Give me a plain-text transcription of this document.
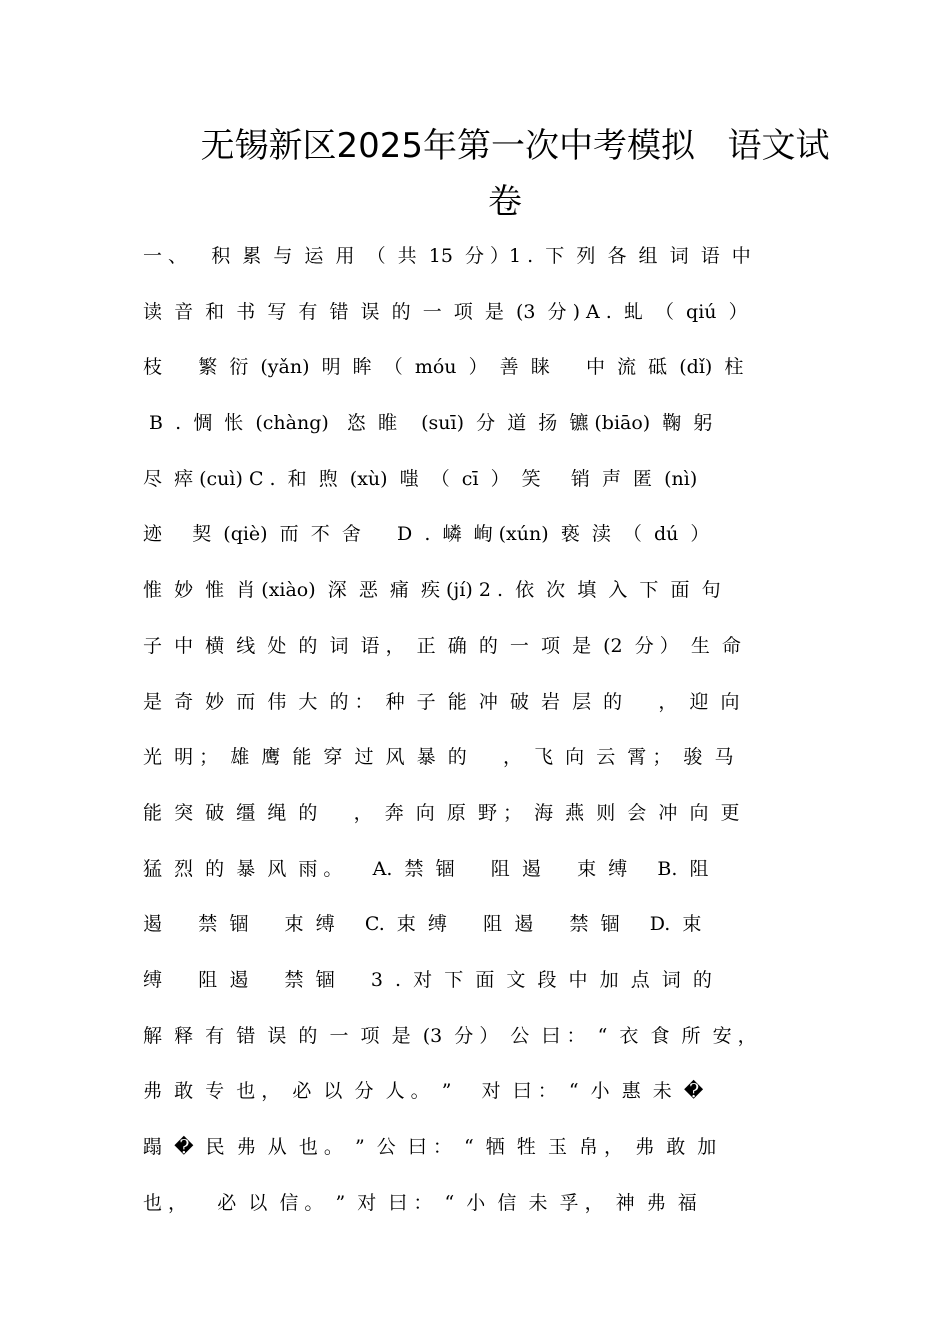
无锡新区2025年第一次中考模拟   语文试
卷
一 、    积  累  与  运  用  （  共  15  分 ）1 .  下  列  各  组  词  语  中
读  音  和  书  写  有  错  误  的  一  项  是  (3  分 ) A .  虬  （  qiú  ）
枝      繁  衍  (yǎn)  明  眸  （  móu  ）  善  睐      中  流  砥  (dǐ)  柱
B  .  惆  怅  (chàng)   恣  睢    (suī)  分  道  扬  镳 (biāo)  鞠  躬
尽  瘁 (cuì) C .  和  煦  (xù)  嗤  （  cī  ）  笑     销  声  匿  (nì)
迹     契  (qiè)  而  不  舍      D  .  嶙  峋 (xún)  亵  渎  （  dú  ）
惟  妙  惟  肖 (xiào)  深  恶  痛  疾 (jí) 2 .  依  次  填  入  下  面  句
子  中  横  线  处  的  词  语 ，  正  确  的  一  项  是  (2  分 ）  生  命
是  奇  妙  而  伟  大  的 ：  种  子  能  冲  破  岩  层  的      ，  迎  向
光  明 ；  雄  鹰  能  穿  过  风  暴  的      ，  飞  向  云  霄 ；  骏  马
能  突  破  缰  绳  的      ，  奔  向  原  野 ；  海  燕  则  会  冲  向  更
猛  烈  的  暴  风  雨 。     A.  禁  锢      阻  遏      束  缚     B.  阻
遏      禁  锢      束  缚     C.  束  缚      阻  遏      禁  锢     D.  束
缚      阻  遏      禁  锢      3  .  对  下  面  文  段  中  加  点  词  的
解  释  有  错  误  的  一  项  是  (3  分 ）  公  曰 ：  “  衣  食  所  安 ，
弗  敢  专  也 ，  必  以  分  人 。  ”     对  曰 ：  “  小  惠  未  �
蹋  �  民  弗  从  也 。  ”  公  曰 ：  “  牺  牲  玉  帛 ，  弗  敢  加
也 ，     必  以  信 。  ”  对  曰 ：  “  小  信  未  孚 ，  神  弗  福
